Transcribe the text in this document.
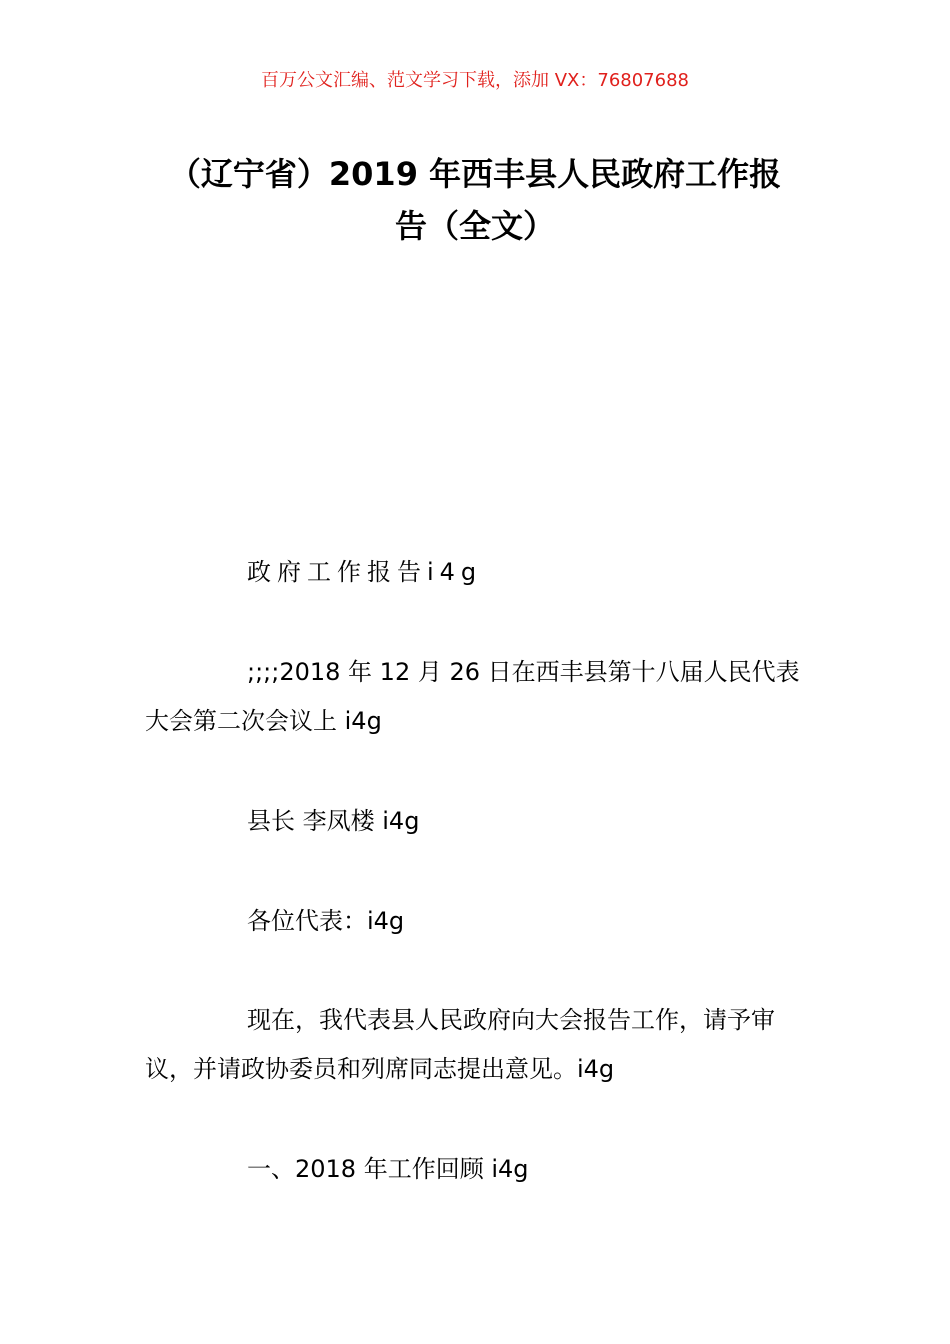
百万公文汇编、范文学习下载，添加 VX：76807688
（辽宁省）2019 年西丰县人民政府工作报
告（全文）
政府工作报告i4g
;;;;2018 年 12 月 26 日在西丰县第十八届人民代表大会第二次会议上 i4g
县长 李凤楼 i4g
各位代表：i4g
现在，我代表县人民政府向大会报告工作，请予审议，并请政协委员和列席同志提出意见。i4g
一、2018 年工作回顾 i4g
